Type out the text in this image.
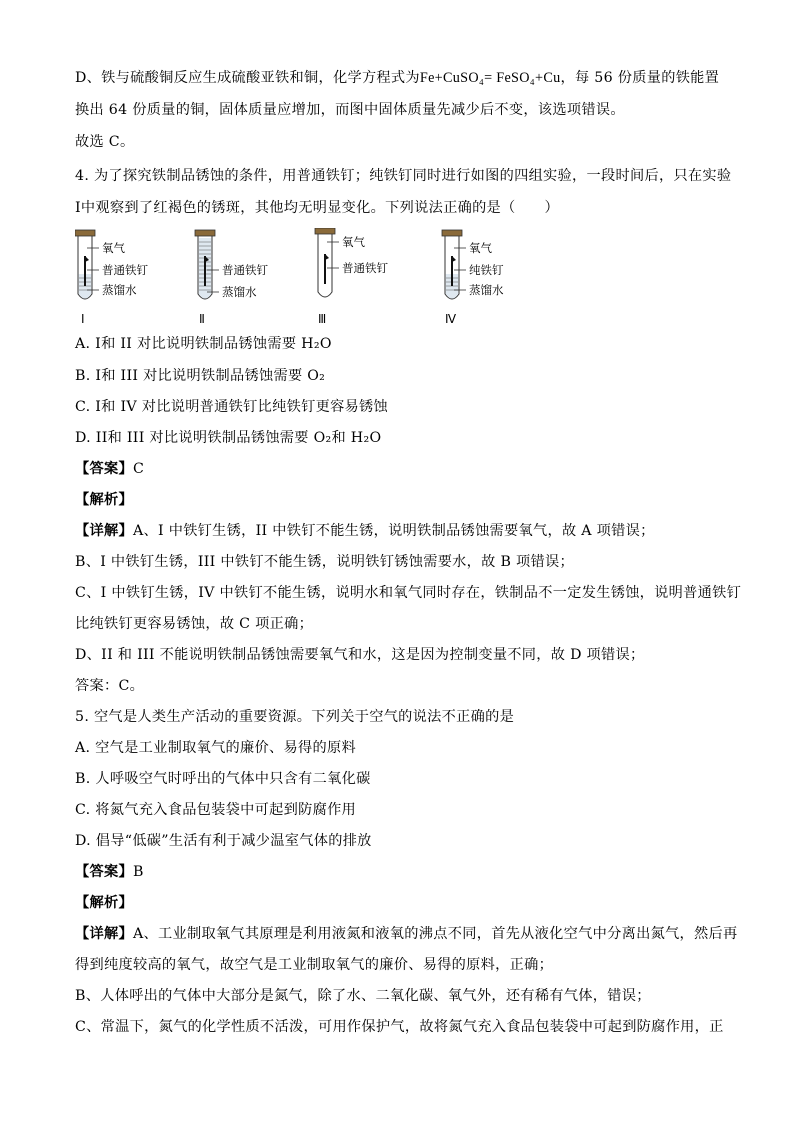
D、铁与硫酸铜反应生成硫酸亚铁和铜，化学方程式为Fe+CuSO₄= FeSO₄+Cu，每 56 份质量的铁能置
换出 64 份质量的铜，固体质量应增加，而图中固体质量先减少后不变，该选项错误。
故选 C。
4. 为了探究铁制品锈蚀的条件，用普通铁钉；纯铁钉同时进行如图的四组实验，一段时间后，只在实验
Ⅰ中观察到了红褐色的锈斑，其他均无明显变化。下列说法正确的是（　　）
氧气
普通铁钉
蒸馏水
Ⅰ
普通铁钉
蒸馏水
Ⅱ
氧气
普通铁钉
Ⅲ
氧气
纯铁钉
蒸馏水
Ⅳ
A. I和 II 对比说明铁制品锈蚀需要 H₂O
B. I和 III 对比说明铁制品锈蚀需要 O₂
C. I和 IV 对比说明普通铁钉比纯铁钉更容易锈蚀
D. II和 III 对比说明铁制品锈蚀需要 O₂和 H₂O
【答案】C
【解析】
【详解】A、I 中铁钉生锈，II 中铁钉不能生锈，说明铁制品锈蚀需要氧气，故 A 项错误；
B、I 中铁钉生锈，III 中铁钉不能生锈，说明铁钉锈蚀需要水，故 B 项错误；
C、I 中铁钉生锈，IV 中铁钉不能生锈，说明水和氧气同时存在，铁制品不一定发生锈蚀，说明普通铁钉
比纯铁钉更容易锈蚀，故 C 项正确；
D、II 和 III 不能说明铁制品锈蚀需要氧气和水，这是因为控制变量不同，故 D 项错误；
答案：C。
5. 空气是人类生产活动的重要资源。下列关于空气的说法不正确的是
A. 空气是工业制取氧气的廉价、易得的原料
B. 人呼吸空气时呼出的气体中只含有二氧化碳
C. 将氮气充入食品包装袋中可起到防腐作用
D. 倡导“低碳”生活有利于减少温室气体的排放
【答案】B
【解析】
【详解】A、工业制取氧气其原理是利用液氮和液氧的沸点不同，首先从液化空气中分离出氮气，然后再
得到纯度较高的氧气，故空气是工业制取氧气的廉价、易得的原料，正确；
B、人体呼出的气体中大部分是氮气，除了水、二氧化碳、氧气外，还有稀有气体，错误；
C、常温下，氮气的化学性质不活泼，可用作保护气，故将氮气充入食品包装袋中可起到防腐作用，正
